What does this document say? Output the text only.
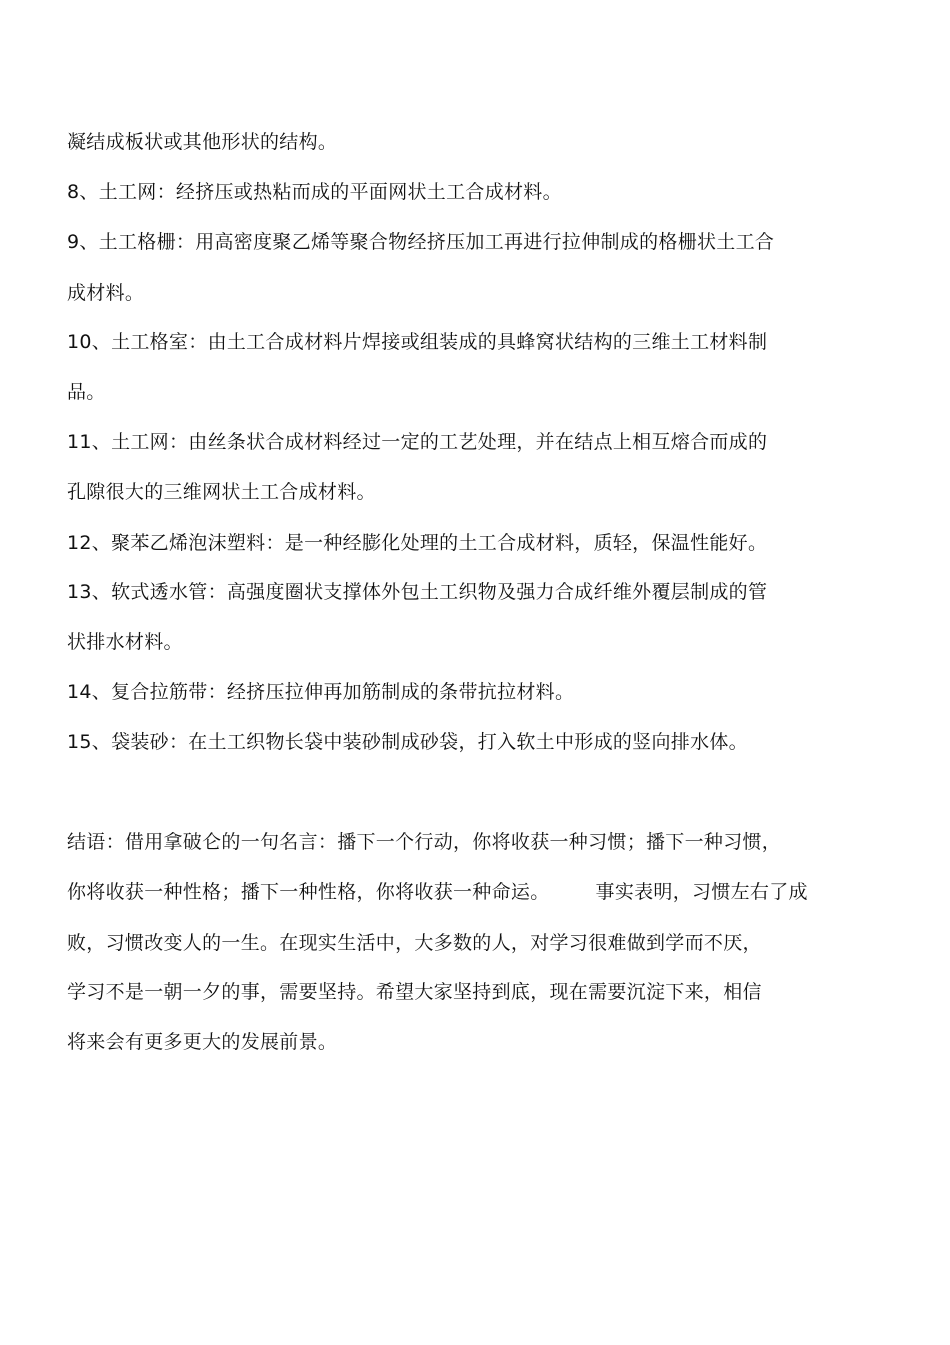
凝结成板状或其他形状的结构。
8、土工网：经挤压或热粘而成的平面网状土工合成材料。
9、土工格栅：用高密度聚乙烯等聚合物经挤压加工再进行拉伸制成的格栅状土工合
成材料。
10、土工格室：由土工合成材料片焊接或组装成的具蜂窝状结构的三维土工材料制
品。
11、土工网：由丝条状合成材料经过一定的工艺处理，并在结点上相互熔合而成的
孔隙很大的三维网状土工合成材料。
12、聚苯乙烯泡沫塑料：是一种经膨化处理的土工合成材料，质轻，保温性能好。
13、软式透水管：高强度圈状支撑体外包土工织物及强力合成纤维外覆层制成的管
状排水材料。
14、复合拉筋带：经挤压拉伸再加筋制成的条带抗拉材料。
15、袋装砂：在土工织物长袋中装砂制成砂袋，打入软土中形成的竖向排水体。
结语：借用拿破仑的一句名言：播下一个行动，你将收获一种习惯；播下一种习惯，
你将收获一种性格；播下一种性格，你将收获一种命运。 事实表明，习惯左右了成
败，习惯改变人的一生。在现实生活中，大多数的人，对学习很难做到学而不厌，
学习不是一朝一夕的事，需要坚持。希望大家坚持到底，现在需要沉淀下来，相信
将来会有更多更大的发展前景。
